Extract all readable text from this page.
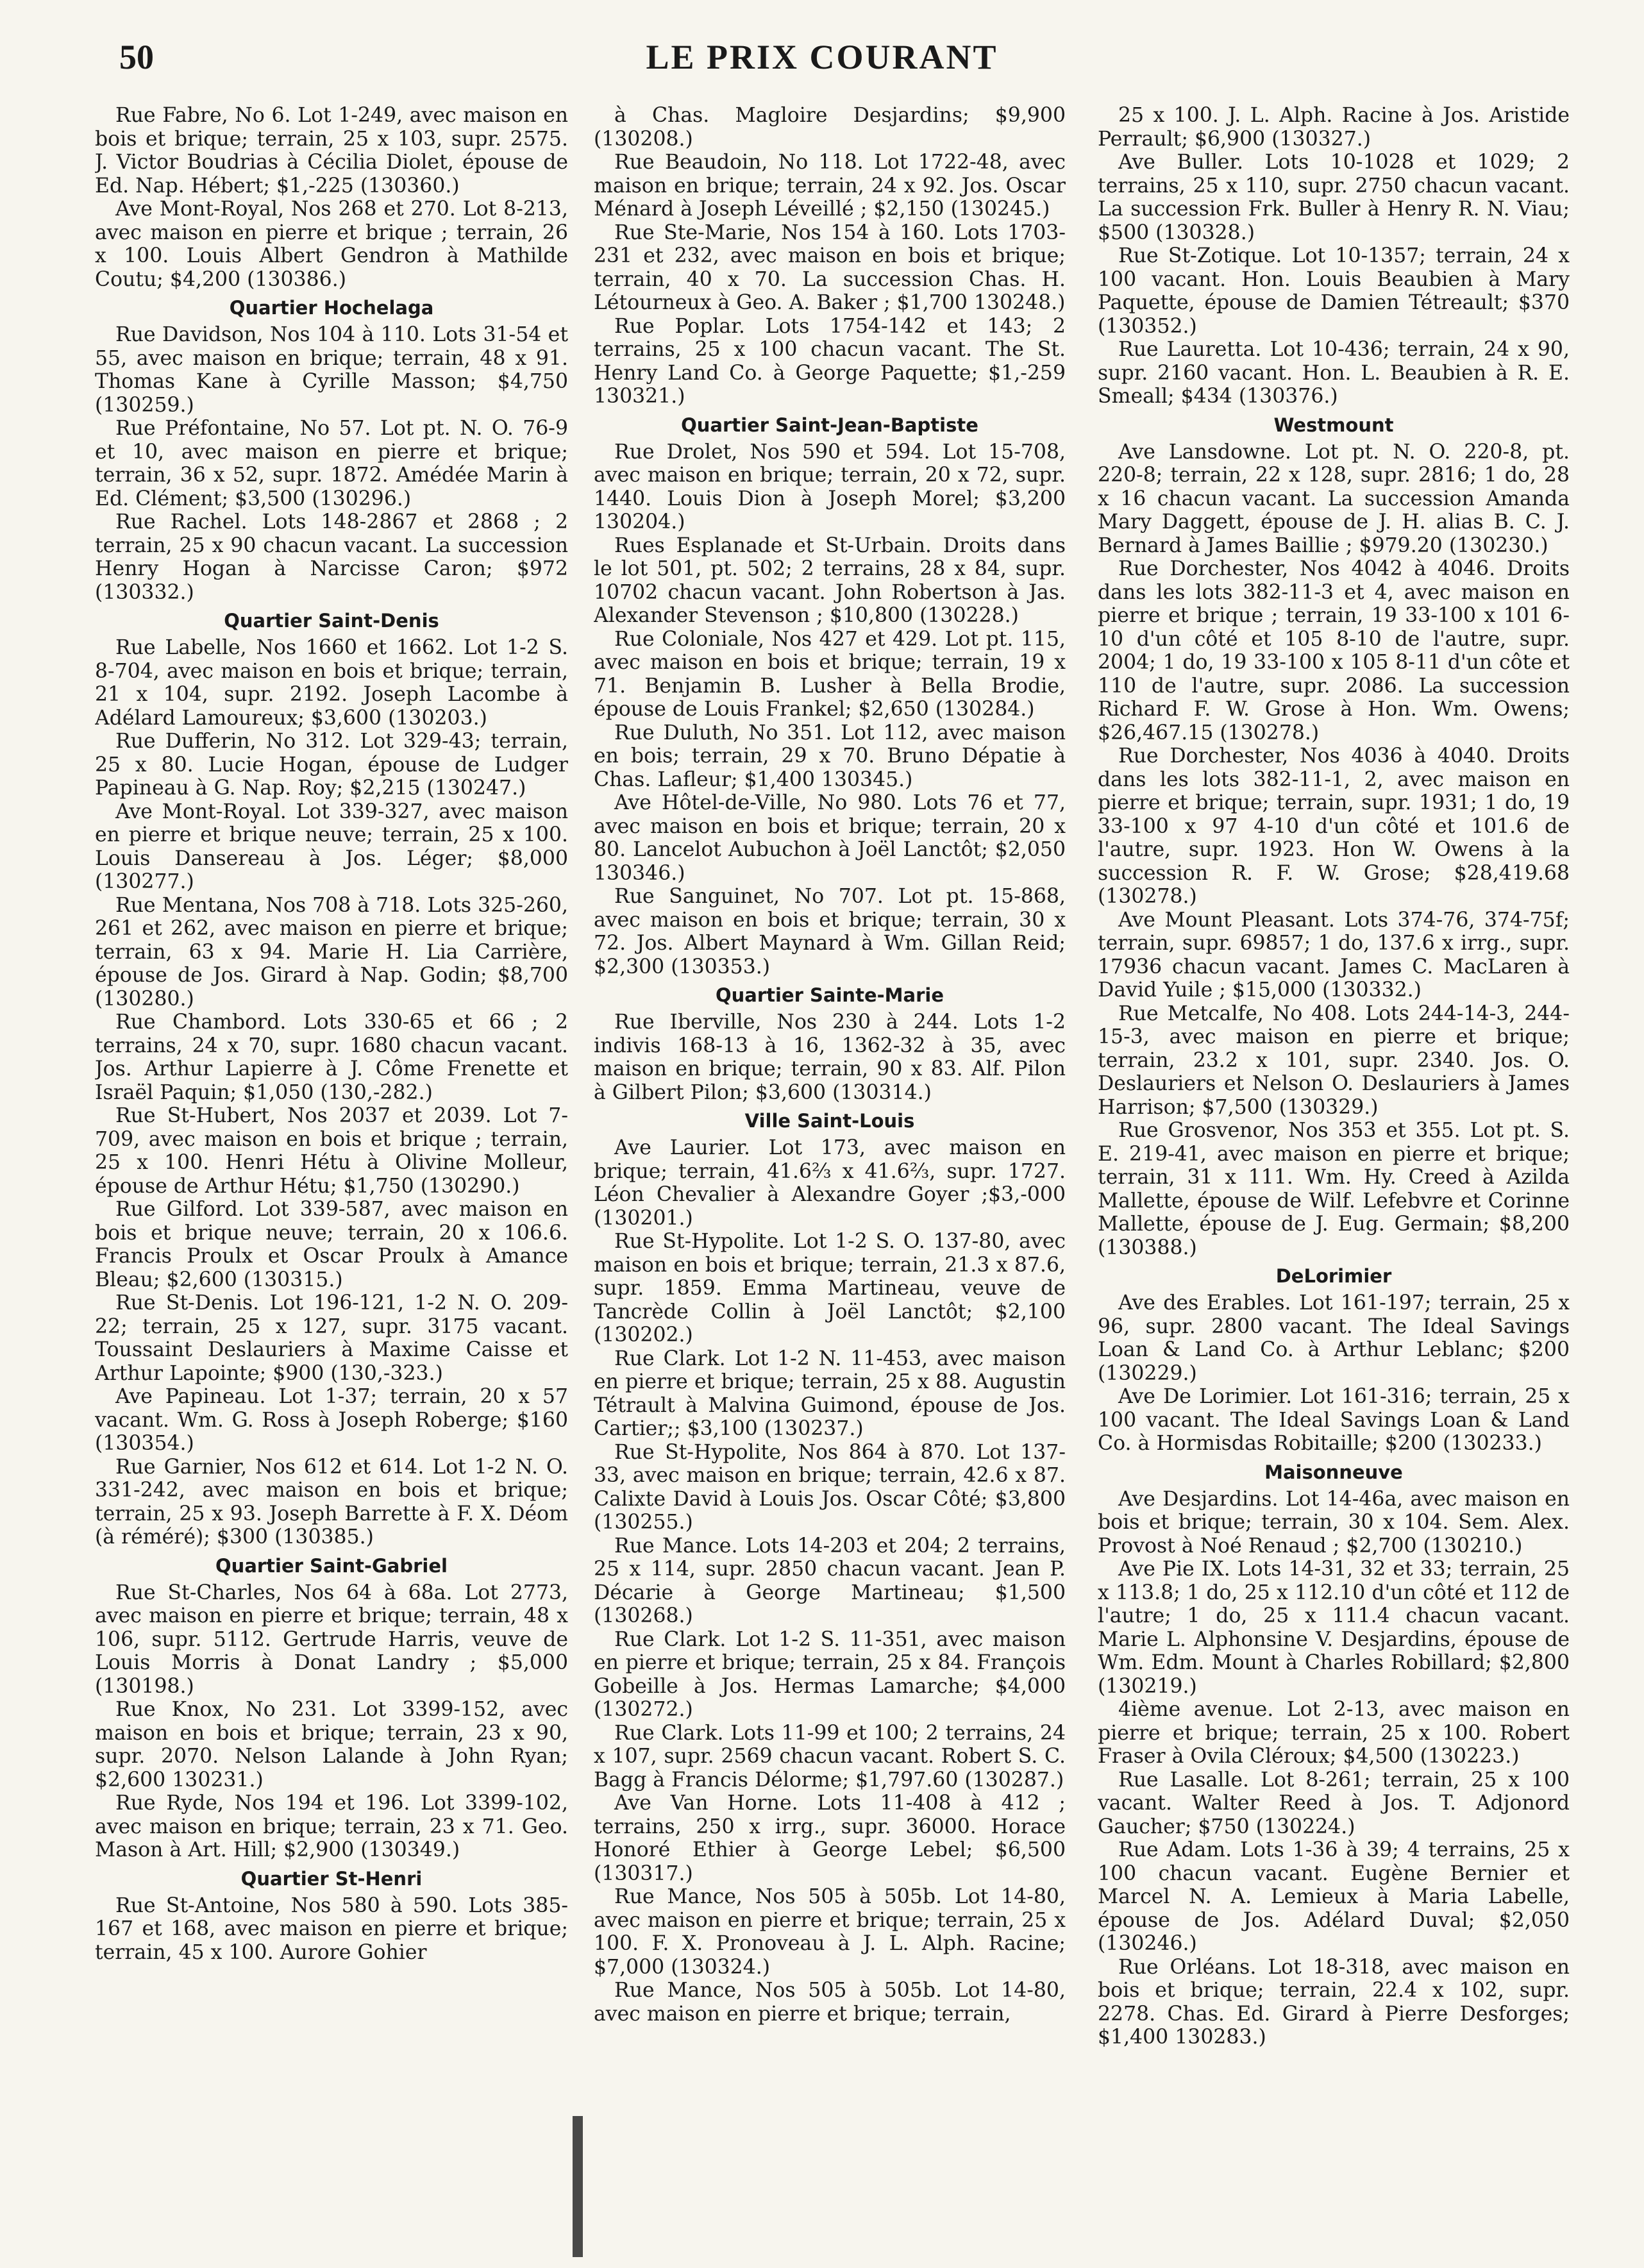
50	LE PRIX COURANT

Rue Fabre, No 6. Lot 1-249, avec maison en bois et brique; terrain, 25 x 103, supr. 2575. J. Victor Boudrias à Cécilia Diolet, épouse de Ed. Nap. Hébert; $1,-225 (130360.)

Ave Mont-Royal, Nos 268 et 270. Lot 8-213, avec maison en pierre et brique ; terrain, 26 x 100. Louis Albert Gendron à Mathilde Coutu; $4,200 (130386.)

Quartier Hochelaga

Rue Davidson, Nos 104 à 110. Lots 31-54 et 55, avec maison en brique; terrain, 48 x 91. Thomas Kane à Cyrille Masson; $4,750 (130259.)

Rue Préfontaine, No 57. Lot pt. N. O. 76-9 et 10, avec maison en pierre et brique; terrain, 36 x 52, supr. 1872. Amédée Marin à Ed. Clément; $3,500 (130296.)

Rue Rachel. Lots 148-2867 et 2868 ; 2 terrain, 25 x 90 chacun vacant. La succession Henry Hogan à Narcisse Caron; $972 (130332.)

Quartier Saint-Denis

Rue Labelle, Nos 1660 et 1662. Lot 1-2 S. 8-704, avec maison en bois et brique; terrain, 21 x 104, supr. 2192. Joseph Lacombe à Adélard Lamoureux; $3,600 (130203.)

Rue Dufferin, No 312. Lot 329-43; terrain, 25 x 80. Lucie Hogan, épouse de Ludger Papineau à G. Nap. Roy; $2,215 (130247.)

Ave Mont-Royal. Lot 339-327, avec maison en pierre et brique neuve; terrain, 25 x 100. Louis Dansereau à Jos. Léger; $8,000 (130277.)

Rue Mentana, Nos 708 à 718. Lots 325-260, 261 et 262, avec maison en pierre et brique; terrain, 63 x 94. Marie H. Lia Carrière, épouse de Jos. Girard à Nap. Godin; $8,700 (130280.)

Rue Chambord. Lots 330-65 et 66 ; 2 terrains, 24 x 70, supr. 1680 chacun vacant. Jos. Arthur Lapierre à J. Côme Frenette et Israël Paquin; $1,050 (130,-282.)

Rue St-Hubert, Nos 2037 et 2039. Lot 7-709, avec maison en bois et brique ; terrain, 25 x 100. Henri Hétu à Olivine Molleur, épouse de Arthur Hétu; $1,750 (130290.)

Rue Gilford. Lot 339-587, avec maison en bois et brique neuve; terrain, 20 x 106.6. Francis Proulx et Oscar Proulx à Amance Bleau; $2,600 (130315.)

Rue St-Denis. Lot 196-121, 1-2 N. O. 209-22; terrain, 25 x 127, supr. 3175 vacant. Toussaint Deslauriers à Maxime Caisse et Arthur Lapointe; $900 (130,-323.)

Ave Papineau. Lot 1-37; terrain, 20 x 57 vacant. Wm. G. Ross à Joseph Roberge; $160 (130354.)

Rue Garnier, Nos 612 et 614. Lot 1-2 N. O. 331-242, avec maison en bois et brique; terrain, 25 x 93. Joseph Barrette à F. X. Déom (à réméré); $300 (130385.)

Quartier Saint-Gabriel

Rue St-Charles, Nos 64 à 68a. Lot 2773, avec maison en pierre et brique; terrain, 48 x 106, supr. 5112. Gertrude Harris, veuve de Louis Morris à Donat Landry ; $5,000 (130198.)

Rue Knox, No 231. Lot 3399-152, avec maison en bois et brique; terrain, 23 x 90, supr. 2070. Nelson Lalande à John Ryan; $2,600 130231.)

Rue Ryde, Nos 194 et 196. Lot 3399-102, avec maison en brique; terrain, 23 x 71. Geo. Mason à Art. Hill; $2,900 (130349.)

Quartier St-Henri

Rue St-Antoine, Nos 580 à 590. Lots 385-167 et 168, avec maison en pierre et brique; terrain, 45 x 100. Aurore Gohier

à Chas. Magloire Desjardins; $9,900 (130208.)

Rue Beaudoin, No 118. Lot 1722-48, avec maison en brique; terrain, 24 x 92. Jos. Oscar Ménard à Joseph Léveillé ; $2,150 (130245.)

Rue Ste-Marie, Nos 154 à 160. Lots 1703-231 et 232, avec maison en bois et brique; terrain, 40 x 70. La succession Chas. H. Létourneux à Geo. A. Baker ; $1,700 130248.)

Rue Poplar. Lots 1754-142 et 143; 2 terrains, 25 x 100 chacun vacant. The St. Henry Land Co. à George Paquette; $1,-259 130321.)

Quartier Saint-Jean-Baptiste

Rue Drolet, Nos 590 et 594. Lot 15-708, avec maison en brique; terrain, 20 x 72, supr. 1440. Louis Dion à Joseph Morel; $3,200 130204.)

Rues Esplanade et St-Urbain. Droits dans le lot 501, pt. 502; 2 terrains, 28 x 84, supr. 10702 chacun vacant. John Robertson à Jas. Alexander Stevenson ; $10,800 (130228.)

Rue Coloniale, Nos 427 et 429. Lot pt. 115, avec maison en bois et brique; terrain, 19 x 71. Benjamin B. Lusher à Bella Brodie, épouse de Louis Frankel; $2,650 (130284.)

Rue Duluth, No 351. Lot 112, avec maison en bois; terrain, 29 x 70. Bruno Dépatie à Chas. Lafleur; $1,400 130345.)

Ave Hôtel-de-Ville, No 980. Lots 76 et 77, avec maison en bois et brique; terrain, 20 x 80. Lancelot Aubuchon à Joël Lanctôt; $2,050 130346.)

Rue Sanguinet, No 707. Lot pt. 15-868, avec maison en bois et brique; terrain, 30 x 72. Jos. Albert Maynard à Wm. Gillan Reid; $2,300 (130353.)

Quartier Sainte-Marie

Rue Iberville, Nos 230 à 244. Lots 1-2 indivis 168-13 à 16, 1362-32 à 35, avec maison en brique; terrain, 90 x 83. Alf. Pilon à Gilbert Pilon; $3,600 (130314.)

Ville Saint-Louis

Ave Laurier. Lot 173, avec maison en brique; terrain, 41.6⅔ x 41.6⅔, supr. 1727. Léon Chevalier à Alexandre Goyer ;$3,-000 (130201.)

Rue St-Hypolite. Lot 1-2 S. O. 137-80, avec maison en bois et brique; terrain, 21.3 x 87.6, supr. 1859. Emma Martineau, veuve de Tancrède Collin à Joël Lanctôt; $2,100 (130202.)

Rue Clark. Lot 1-2 N. 11-453, avec maison en pierre et brique; terrain, 25 x 88. Augustin Tétrault à Malvina Guimond, épouse de Jos. Cartier;; $3,100 (130237.)

Rue St-Hypolite, Nos 864 à 870. Lot 137-33, avec maison en brique; terrain, 42.6 x 87. Calixte David à Louis Jos. Oscar Côté; $3,800 (130255.)

Rue Mance. Lots 14-203 et 204; 2 terrains, 25 x 114, supr. 2850 chacun vacant. Jean P. Décarie à George Martineau; $1,500 (130268.)

Rue Clark. Lot 1-2 S. 11-351, avec maison en pierre et brique; terrain, 25 x 84. François Gobeille à Jos. Hermas Lamarche; $4,000 (130272.)

Rue Clark. Lots 11-99 et 100; 2 terrains, 24 x 107, supr. 2569 chacun vacant. Robert S. C. Bagg à Francis Délorme; $1,797.60 (130287.)

Ave Van Horne. Lots 11-408 à 412 ; terrains, 250 x irrg., supr. 36000. Horace Honoré Ethier à George Lebel; $6,500 (130317.)

Rue Mance, Nos 505 à 505b. Lot 14-80, avec maison en pierre et brique; terrain, 25 x 100. F. X. Pronoveau à J. L. Alph. Racine; $7,000 (130324.)

Rue Mance, Nos 505 à 505b. Lot 14-80, avec maison en pierre et brique; terrain,

25 x 100. J. L. Alph. Racine à Jos. Aristide Perrault; $6,900 (130327.)

Ave Buller. Lots 10-1028 et 1029; 2 terrains, 25 x 110, supr. 2750 chacun vacant. La succession Frk. Buller à Henry R. N. Viau; $500 (130328.)

Rue St-Zotique. Lot 10-1357; terrain, 24 x 100 vacant. Hon. Louis Beaubien à Mary Paquette, épouse de Damien Tétreault; $370 (130352.)

Rue Lauretta. Lot 10-436; terrain, 24 x 90, supr. 2160 vacant. Hon. L. Beaubien à R. E. Smeall; $434 (130376.)

Westmount

Ave Lansdowne. Lot pt. N. O. 220-8, pt. 220-8; terrain, 22 x 128, supr. 2816; 1 do, 28 x 16 chacun vacant. La succession Amanda Mary Daggett, épouse de J. H. alias B. C. J. Bernard à James Baillie ; $979.20 (130230.)

Rue Dorchester, Nos 4042 à 4046. Droits dans les lots 382-11-3 et 4, avec maison en pierre et brique ; terrain, 19 33-100 x 101 6-10 d'un côté et 105 8-10 de l'autre, supr. 2004; 1 do, 19 33-100 x 105 8-11 d'un côte et 110 de l'autre, supr. 2086. La succession Richard F. W. Grose à Hon. Wm. Owens; $26,467.15 (130278.)

Rue Dorchester, Nos 4036 à 4040. Droits dans les lots 382-11-1, 2, avec maison en pierre et brique; terrain, supr. 1931; 1 do, 19 33-100 x 97 4-10 d'un côté et 101.6 de l'autre, supr. 1923. Hon W. Owens à la succession R. F. W. Grose; $28,419.68 (130278.)

Ave Mount Pleasant. Lots 374-76, 374-75f; terrain, supr. 69857; 1 do, 137.6 x irrg., supr. 17936 chacun vacant. James C. MacLaren à David Yuile ; $15,000 (130332.)

Rue Metcalfe, No 408. Lots 244-14-3, 244-15-3, avec maison en pierre et brique; terrain, 23.2 x 101, supr. 2340. Jos. O. Deslauriers et Nelson O. Deslauriers à James Harrison; $7,500 (130329.)

Rue Grosvenor, Nos 353 et 355. Lot pt. S. E. 219-41, avec maison en pierre et brique; terrain, 31 x 111. Wm. Hy. Creed à Azilda Mallette, épouse de Wilf. Lefebvre et Corinne Mallette, épouse de J. Eug. Germain; $8,200 (130388.)

DeLorimier

Ave des Erables. Lot 161-197; terrain, 25 x 96, supr. 2800 vacant. The Ideal Savings Loan & Land Co. à Arthur Leblanc; $200 (130229.)

Ave De Lorimier. Lot 161-316; terrain, 25 x 100 vacant. The Ideal Savings Loan & Land Co. à Hormisdas Robitaille; $200 (130233.)

Maisonneuve

Ave Desjardins. Lot 14-46a, avec maison en bois et brique; terrain, 30 x 104. Sem. Alex. Provost à Noé Renaud ; $2,700 (130210.)

Ave Pie IX. Lots 14-31, 32 et 33; terrain, 25 x 113.8; 1 do, 25 x 112.10 d'un côté et 112 de l'autre; 1 do, 25 x 111.4 chacun vacant. Marie L. Alphonsine V. Desjardins, épouse de Wm. Edm. Mount à Charles Robillard; $2,800 (130219.)

4ième avenue. Lot 2-13, avec maison en pierre et brique; terrain, 25 x 100. Robert Fraser à Ovila Cléroux; $4,500 (130223.)

Rue Lasalle. Lot 8-261; terrain, 25 x 100 vacant. Walter Reed à Jos. T. Adjonord Gaucher; $750 (130224.)

Rue Adam. Lots 1-36 à 39; 4 terrains, 25 x 100 chacun vacant. Eugène Bernier et Marcel N. A. Lemieux à Maria Labelle, épouse de Jos. Adélard Duval; $2,050 (130246.)

Rue Orléans. Lot 18-318, avec maison en bois et brique; terrain, 22.4 x 102, supr. 2278. Chas. Ed. Girard à Pierre Desforges; $1,400 130283.)
